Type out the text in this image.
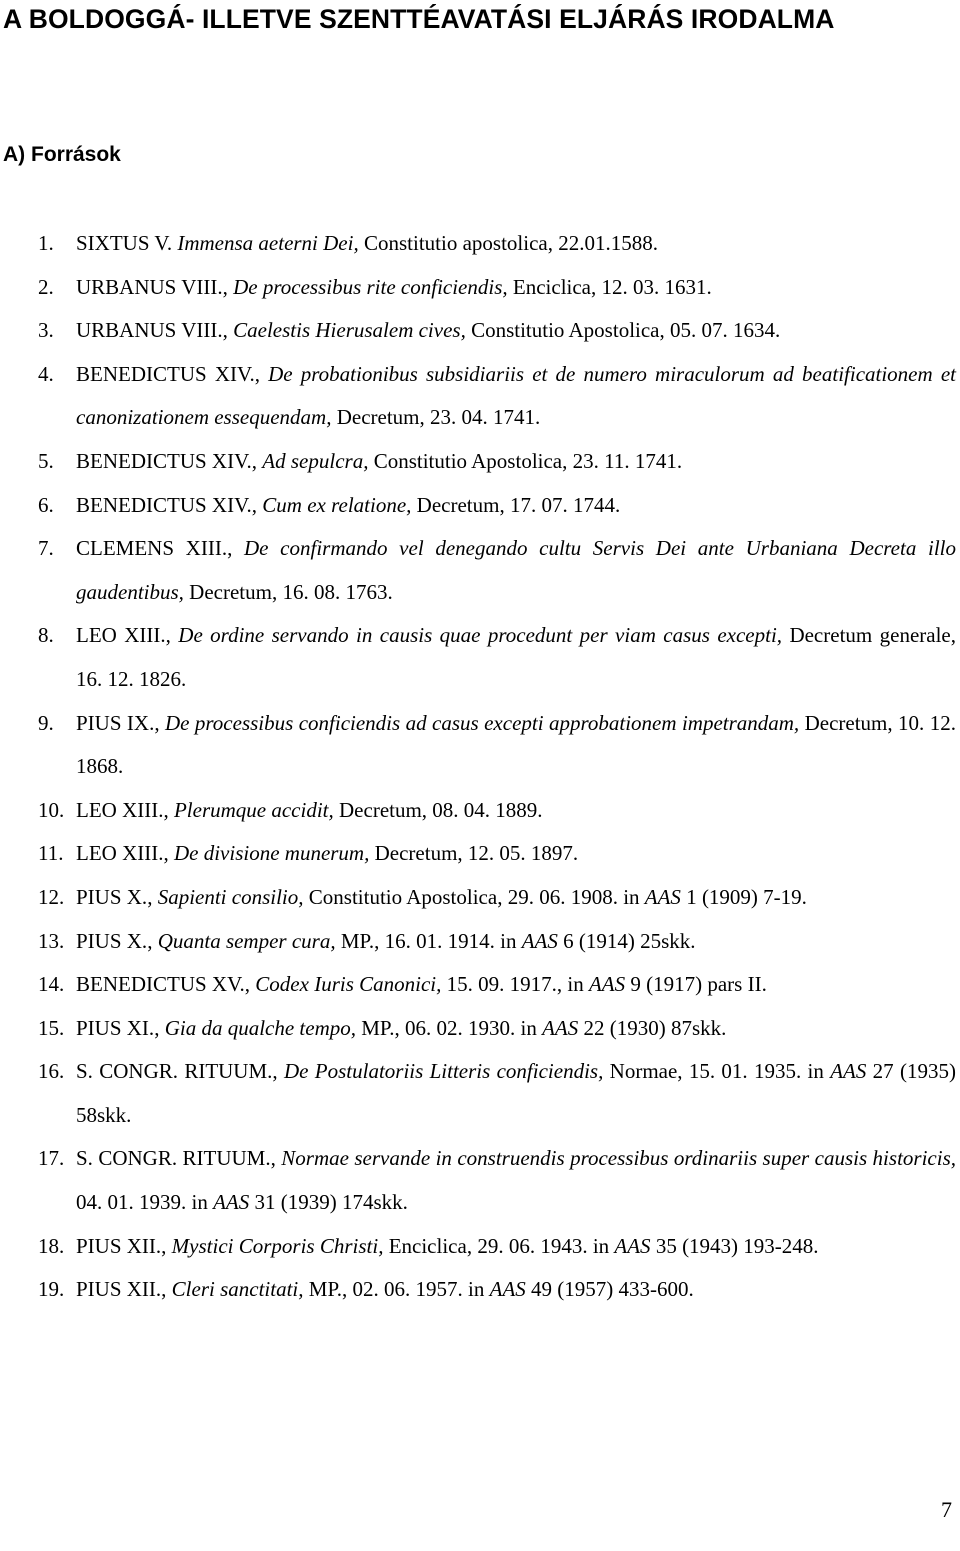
A BOLDOGGÁ- ILLETVE SZENTTÉAVATÁSI ELJÁRÁS IRODALMA
A) Források
1. SIXTUS V. Immensa aeterni Dei, Constitutio apostolica, 22.01.1588.
2. URBANUS VIII., De processibus rite conficiendis, Enciclica, 12. 03. 1631.
3. URBANUS VIII., Caelestis Hierusalem cives, Constitutio Apostolica, 05. 07. 1634.
4. BENEDICTUS XIV., De probationibus subsidiariis et de numero miraculorum ad beatificationem et canonizationem essequendam, Decretum, 23. 04. 1741.
5. BENEDICTUS XIV., Ad sepulcra, Constitutio Apostolica, 23. 11. 1741.
6. BENEDICTUS XIV., Cum ex relatione, Decretum, 17. 07. 1744.
7. CLEMENS XIII., De confirmando vel denegando cultu Servis Dei ante Urbaniana Decreta illo gaudentibus, Decretum, 16. 08. 1763.
8. LEO XIII., De ordine servando in causis quae procedunt per viam casus excepti, Decretum generale, 16. 12. 1826.
9. PIUS IX., De processibus conficiendis ad casus excepti approbationem impetrandam, Decretum, 10. 12. 1868.
10. LEO XIII., Plerumque accidit, Decretum, 08. 04. 1889.
11. LEO XIII., De divisione munerum, Decretum, 12. 05. 1897.
12. PIUS X., Sapienti consilio, Constitutio Apostolica, 29. 06. 1908. in AAS 1 (1909) 7-19.
13. PIUS X., Quanta semper cura, MP., 16. 01. 1914. in AAS 6 (1914) 25skk.
14. BENEDICTUS XV., Codex Iuris Canonici, 15. 09. 1917., in AAS 9 (1917) pars II.
15. PIUS XI., Gia da qualche tempo, MP., 06. 02. 1930. in AAS 22 (1930) 87skk.
16. S. CONGR. RITUUM., De Postulatoriis Litteris conficiendis, Normae, 15. 01. 1935. in AAS 27 (1935) 58skk.
17. S. CONGR. RITUUM., Normae servande in construendis processibus ordinariis super causis historicis, 04. 01. 1939. in AAS 31 (1939) 174skk.
18. PIUS XII., Mystici Corporis Christi, Enciclica, 29. 06. 1943. in AAS 35 (1943) 193-248.
19. PIUS XII., Cleri sanctitati, MP., 02. 06. 1957. in AAS 49 (1957) 433-600.
7
